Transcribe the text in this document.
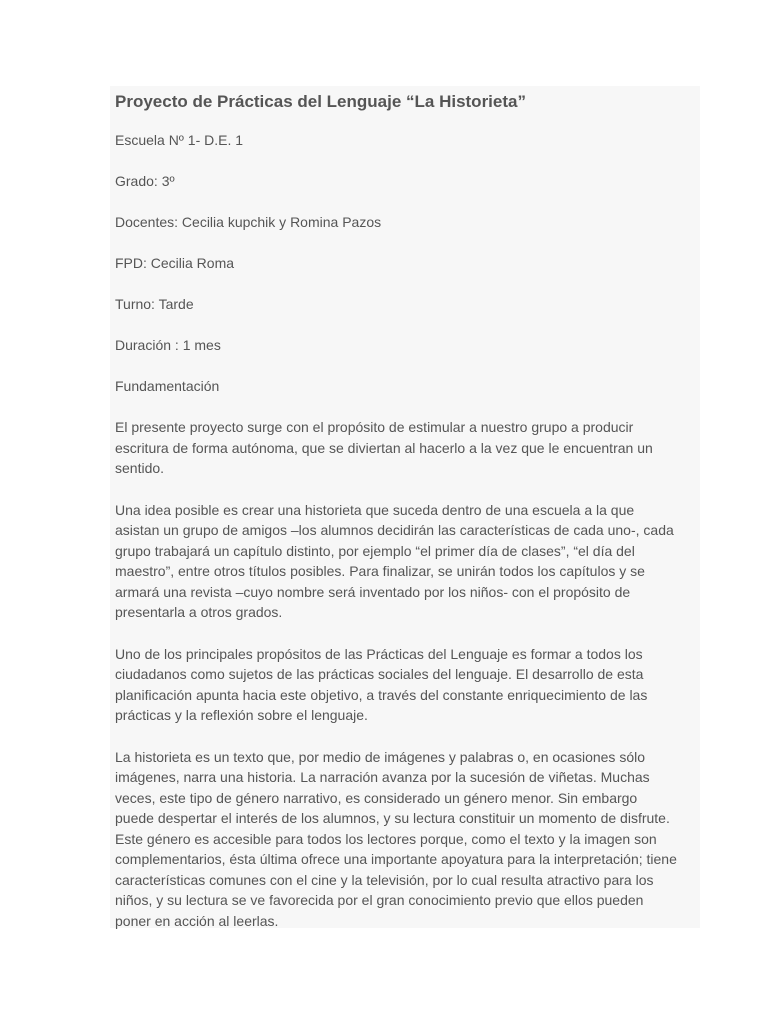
Proyecto de Prácticas del Lenguaje “La Historieta”

Escuela Nº 1- D.E. 1

Grado: 3º

Docentes: Cecilia kupchik y Romina Pazos

FPD: Cecilia Roma

Turno: Tarde

Duración : 1 mes

Fundamentación

El presente proyecto surge con el propósito de estimular a nuestro grupo a producir
escritura de forma autónoma, que se diviertan al hacerlo a la vez que le encuentran un
sentido.

Una idea posible es crear una historieta que suceda dentro de una escuela a la que
asistan un grupo de amigos –los alumnos decidirán las características de cada uno-, cada
grupo trabajará un capítulo distinto, por ejemplo “el primer día de clases”, “el día del
maestro”, entre otros títulos posibles. Para finalizar, se unirán todos los capítulos y se
armará una revista –cuyo nombre será inventado por los niños- con el propósito de
presentarla a otros grados.

Uno de los principales propósitos de las Prácticas del Lenguaje es formar a todos los
ciudadanos como sujetos de las prácticas sociales del lenguaje. El desarrollo de esta
planificación apunta hacia este objetivo, a través del constante enriquecimiento de las
prácticas y la reflexión sobre el lenguaje.

La historieta es un texto que, por medio de imágenes y palabras o, en ocasiones sólo
imágenes, narra una historia. La narración avanza por la sucesión de viñetas. Muchas
veces, este tipo de género narrativo, es considerado un género menor. Sin embargo
puede despertar el interés de los alumnos, y su lectura constituir un momento de disfrute.
Este género es accesible para todos los lectores porque, como el texto y la imagen son
complementarios, ésta última ofrece una importante apoyatura para la interpretación; tiene
características comunes con el cine y la televisión, por lo cual resulta atractivo para los
niños, y su lectura se ve favorecida por el gran conocimiento previo que ellos pueden
poner en acción al leerlas.
